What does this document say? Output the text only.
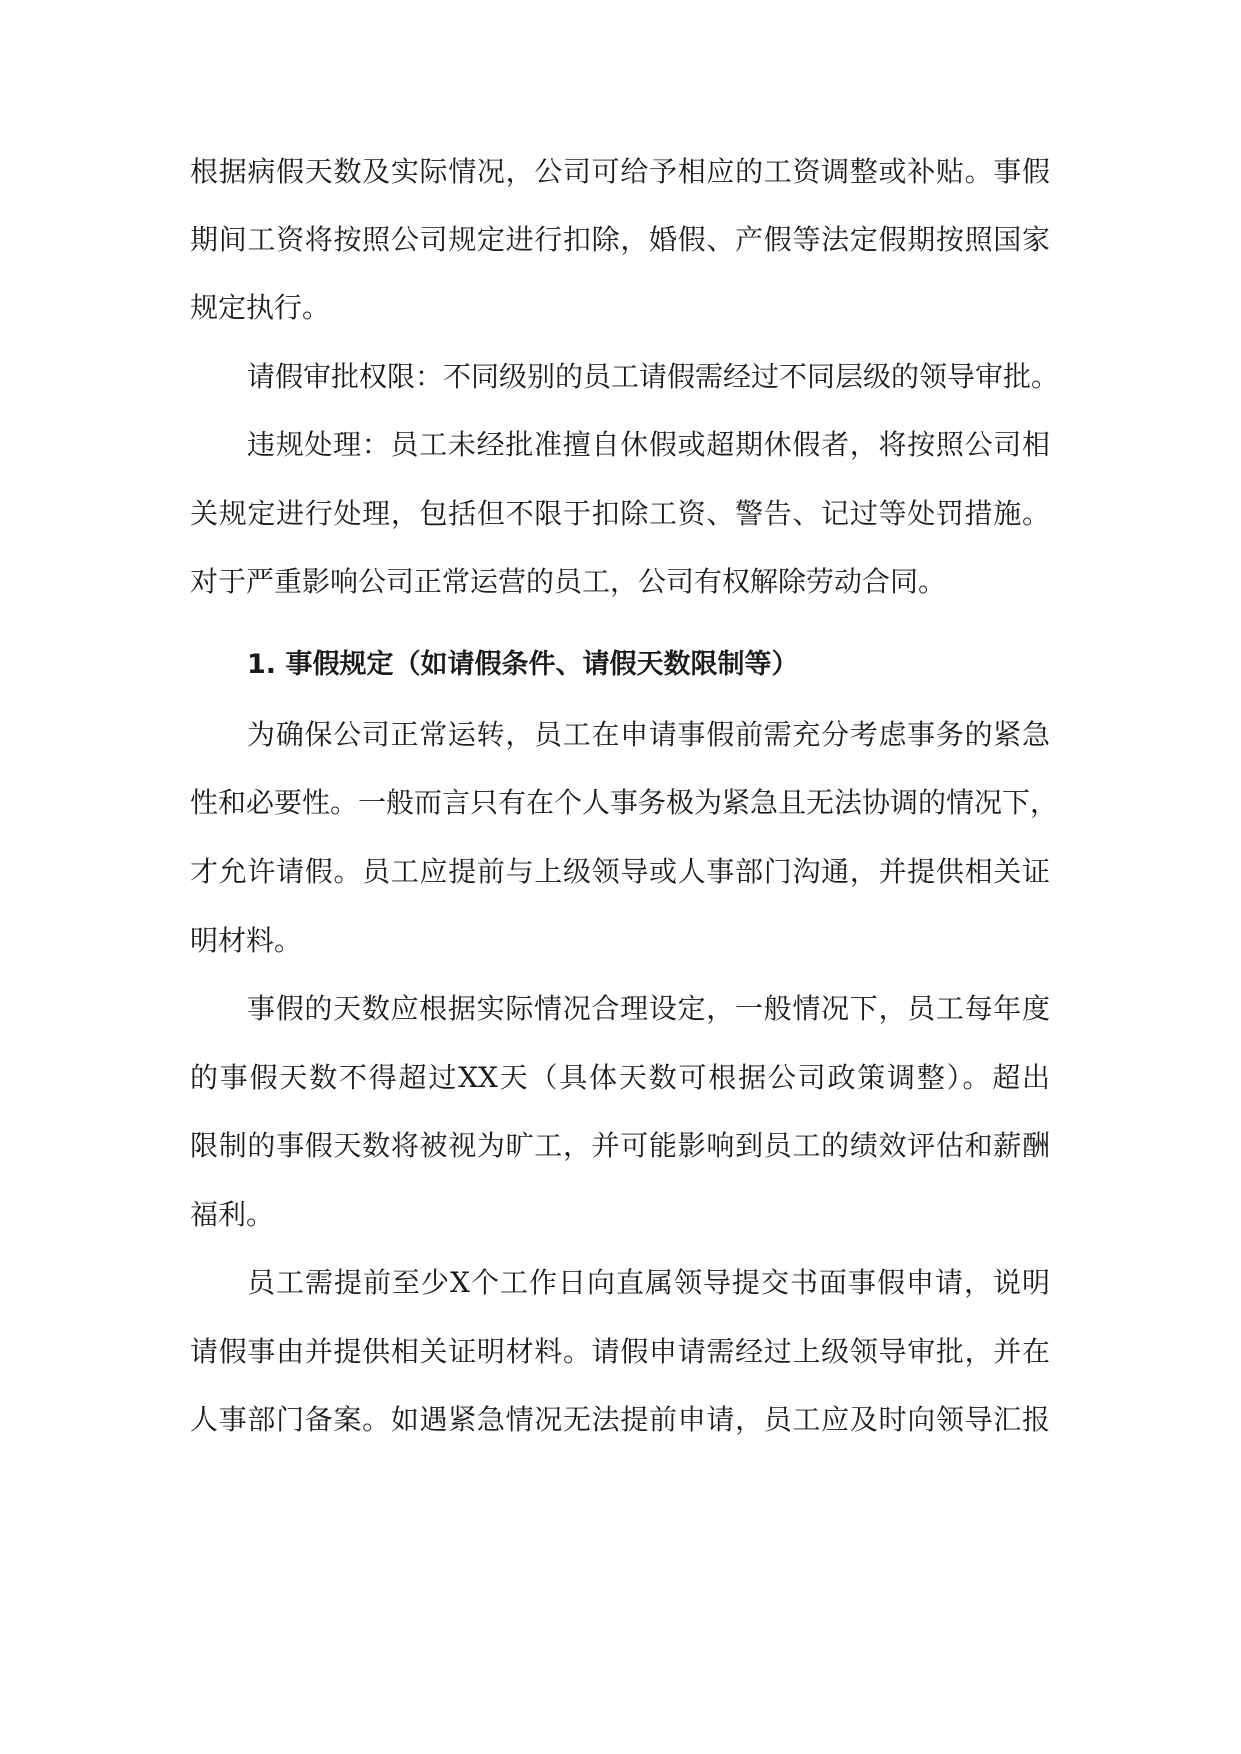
根据病假天数及实际情况，公司可给予相应的工资调整或补贴。事假
期间工资将按照公司规定进行扣除，婚假、产假等法定假期按照国家
规定执行。
请假审批权限：不同级别的员工请假需经过不同层级的领导审批。
违规处理：员工未经批准擅自休假或超期休假者，将按照公司相
关规定进行处理，包括但不限于扣除工资、警告、记过等处罚措施。
对于严重影响公司正常运营的员工，公司有权解除劳动合同。
1. 事假规定（如请假条件、请假天数限制等）
为确保公司正常运转，员工在申请事假前需充分考虑事务的紧急
性和必要性。一般而言只有在个人事务极为紧急且无法协调的情况下，
才允许请假。员工应提前与上级领导或人事部门沟通，并提供相关证
明材料。
事假的天数应根据实际情况合理设定，一般情况下，员工每年度
的事假天数不得超过XX天（具体天数可根据公司政策调整）。超出
限制的事假天数将被视为旷工，并可能影响到员工的绩效评估和薪酬
福利。
员工需提前至少X个工作日向直属领导提交书面事假申请，说明
请假事由并提供相关证明材料。请假申请需经过上级领导审批，并在
人事部门备案。如遇紧急情况无法提前申请，员工应及时向领导汇报
